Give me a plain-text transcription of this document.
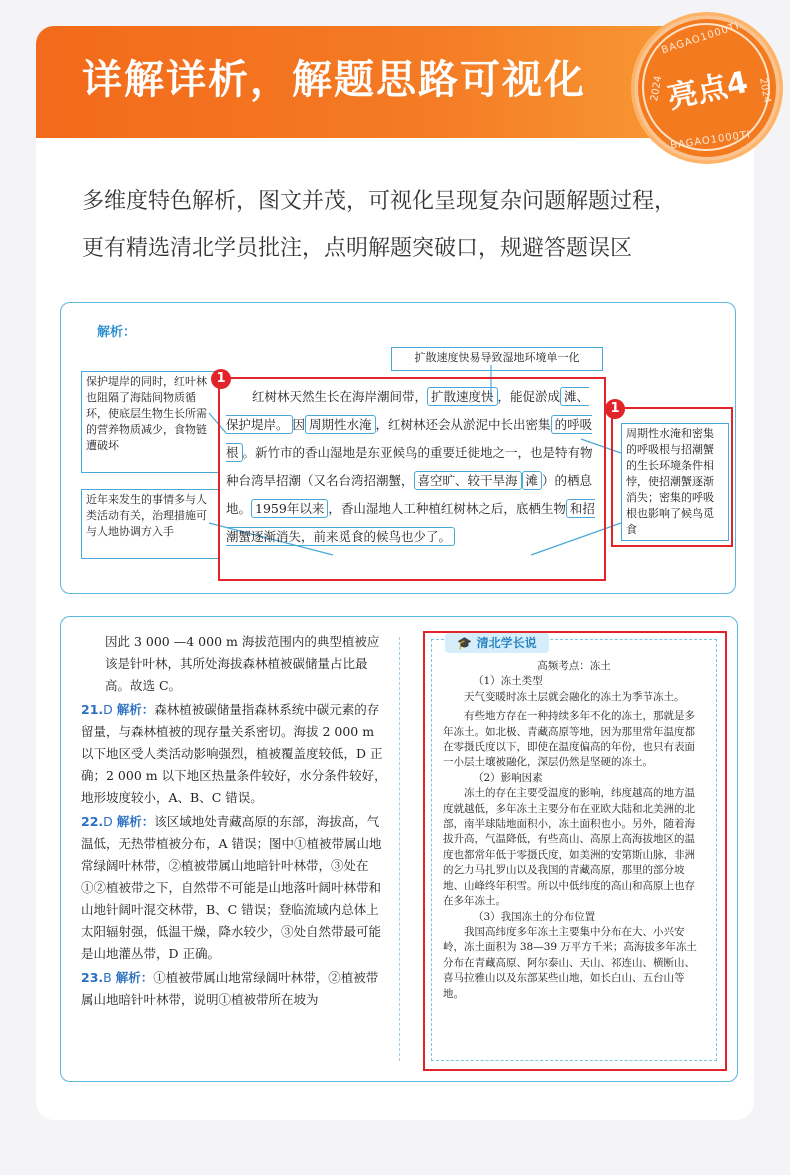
详解详析，解题思路可视化
多维度特色解析，图文并茂，可视化呈现复杂问题解题过程，
更有精选清北学员批注，点明解题突破口，规避答题误区
解析：
保护堤岸的同时，红叶林也阻隔了海陆间物质循环，使底层生物生长所需的营养物质减少，食物链遭破坏
近年来发生的事情多与人类活动有关，治理措施可与人地协调方入手
扩散速度快易导致湿地环境单一化
周期性水淹和密集的呼吸根与招潮蟹的生长环境条件相悖，使招潮蟹逐渐消失；密集的呼吸根也影响了候鸟觅食
红树林天然生长在海岸潮间带， 扩散速度快 ，能促淤成 滩、保护堤岸。 因 周期性水淹 ，红树林还会从淤泥中长出密集 的呼吸根 。新竹市的香山湿地是东亚候鸟的重要迁徙地之一，也是特有物种台湾旱招潮（又名台湾招潮蟹， 喜空旷、较干旱海 滩 ）的栖息地。 1959年以来 ，香山湿地人工种植红树林之后，底栖生物 和招潮蟹逐渐消失，前来觅食的候鸟也少了。
1
1

因此 3 000 —4 000 m 海拔范围内的典型植被应该是针叶林，其所处海拔森林植被碳储量占比最高。故选 C。

21.D 解析：森林植被碳储量指森林系统中碳元素的存留量，与森林植被的现存量关系密切。海拔 2 000 m 以下地区受人类活动影响强烈，植被覆盖度较低，D 正确；2 000 m 以下地区热量条件较好，水分条件较好，地形坡度较小，A、B、C 错误。

22.D 解析：该区域地处青藏高原的东部，海拔高，气温低，无热带植被分布，A 错误；图中①植被带属山地常绿阔叶林带，②植被带属山地暗针叶林带，③处在①②植被带之下，自然带不可能是山地落叶阔叶林带和山地针阔叶混交林带，B、C 错误；登临流域内总体上太阳辐射强，低温干燥，降水较少，③处自然带最可能是山地灌丛带，D 正确。

23.B 解析：①植被带属山地常绿阔叶林带，②植被带属山地暗针叶林带，说明①植被带所在坡为

🎓 清北学长说

高频考点：冻土

（1）冻土类型

天气变暖时冻土层就会融化的冻土为季节冻土。

有些地方存在一种持续多年不化的冻土，那就是多年冻土。如北极、青藏高原等地，因为那里常年温度都在零摄氏度以下，即使在温度偏高的年份，也只有表面一小层土壤被融化，深层仍然是坚硬的冻土。

（2）影响因素

冻土的存在主要受温度的影响，纬度越高的地方温度就越低，多年冻土主要分布在亚欧大陆和北美洲的北部，南半球陆地面积小，冻土面积也小。另外，随着海拔升高，气温降低，有些高山、高原上高海拔地区的温度也都常年低于零摄氏度，如美洲的安第斯山脉，非洲的乞力马扎罗山以及我国的青藏高原，那里的部分坡地、山峰终年积雪。所以中低纬度的高山和高原上也存在多年冻土。

（3）我国冻土的分布位置

我国高纬度多年冻土主要集中分布在大、小兴安岭，冻土面积为 38—39 万平方千米；高海拔多年冻土分布在青藏高原、阿尔泰山、天山、祁连山、横断山、喜马拉雅山以及东部某些山地，如长白山、五台山等地。

BAGAO1000TI
2024 亮点4 2024
BAGAO1000TI
